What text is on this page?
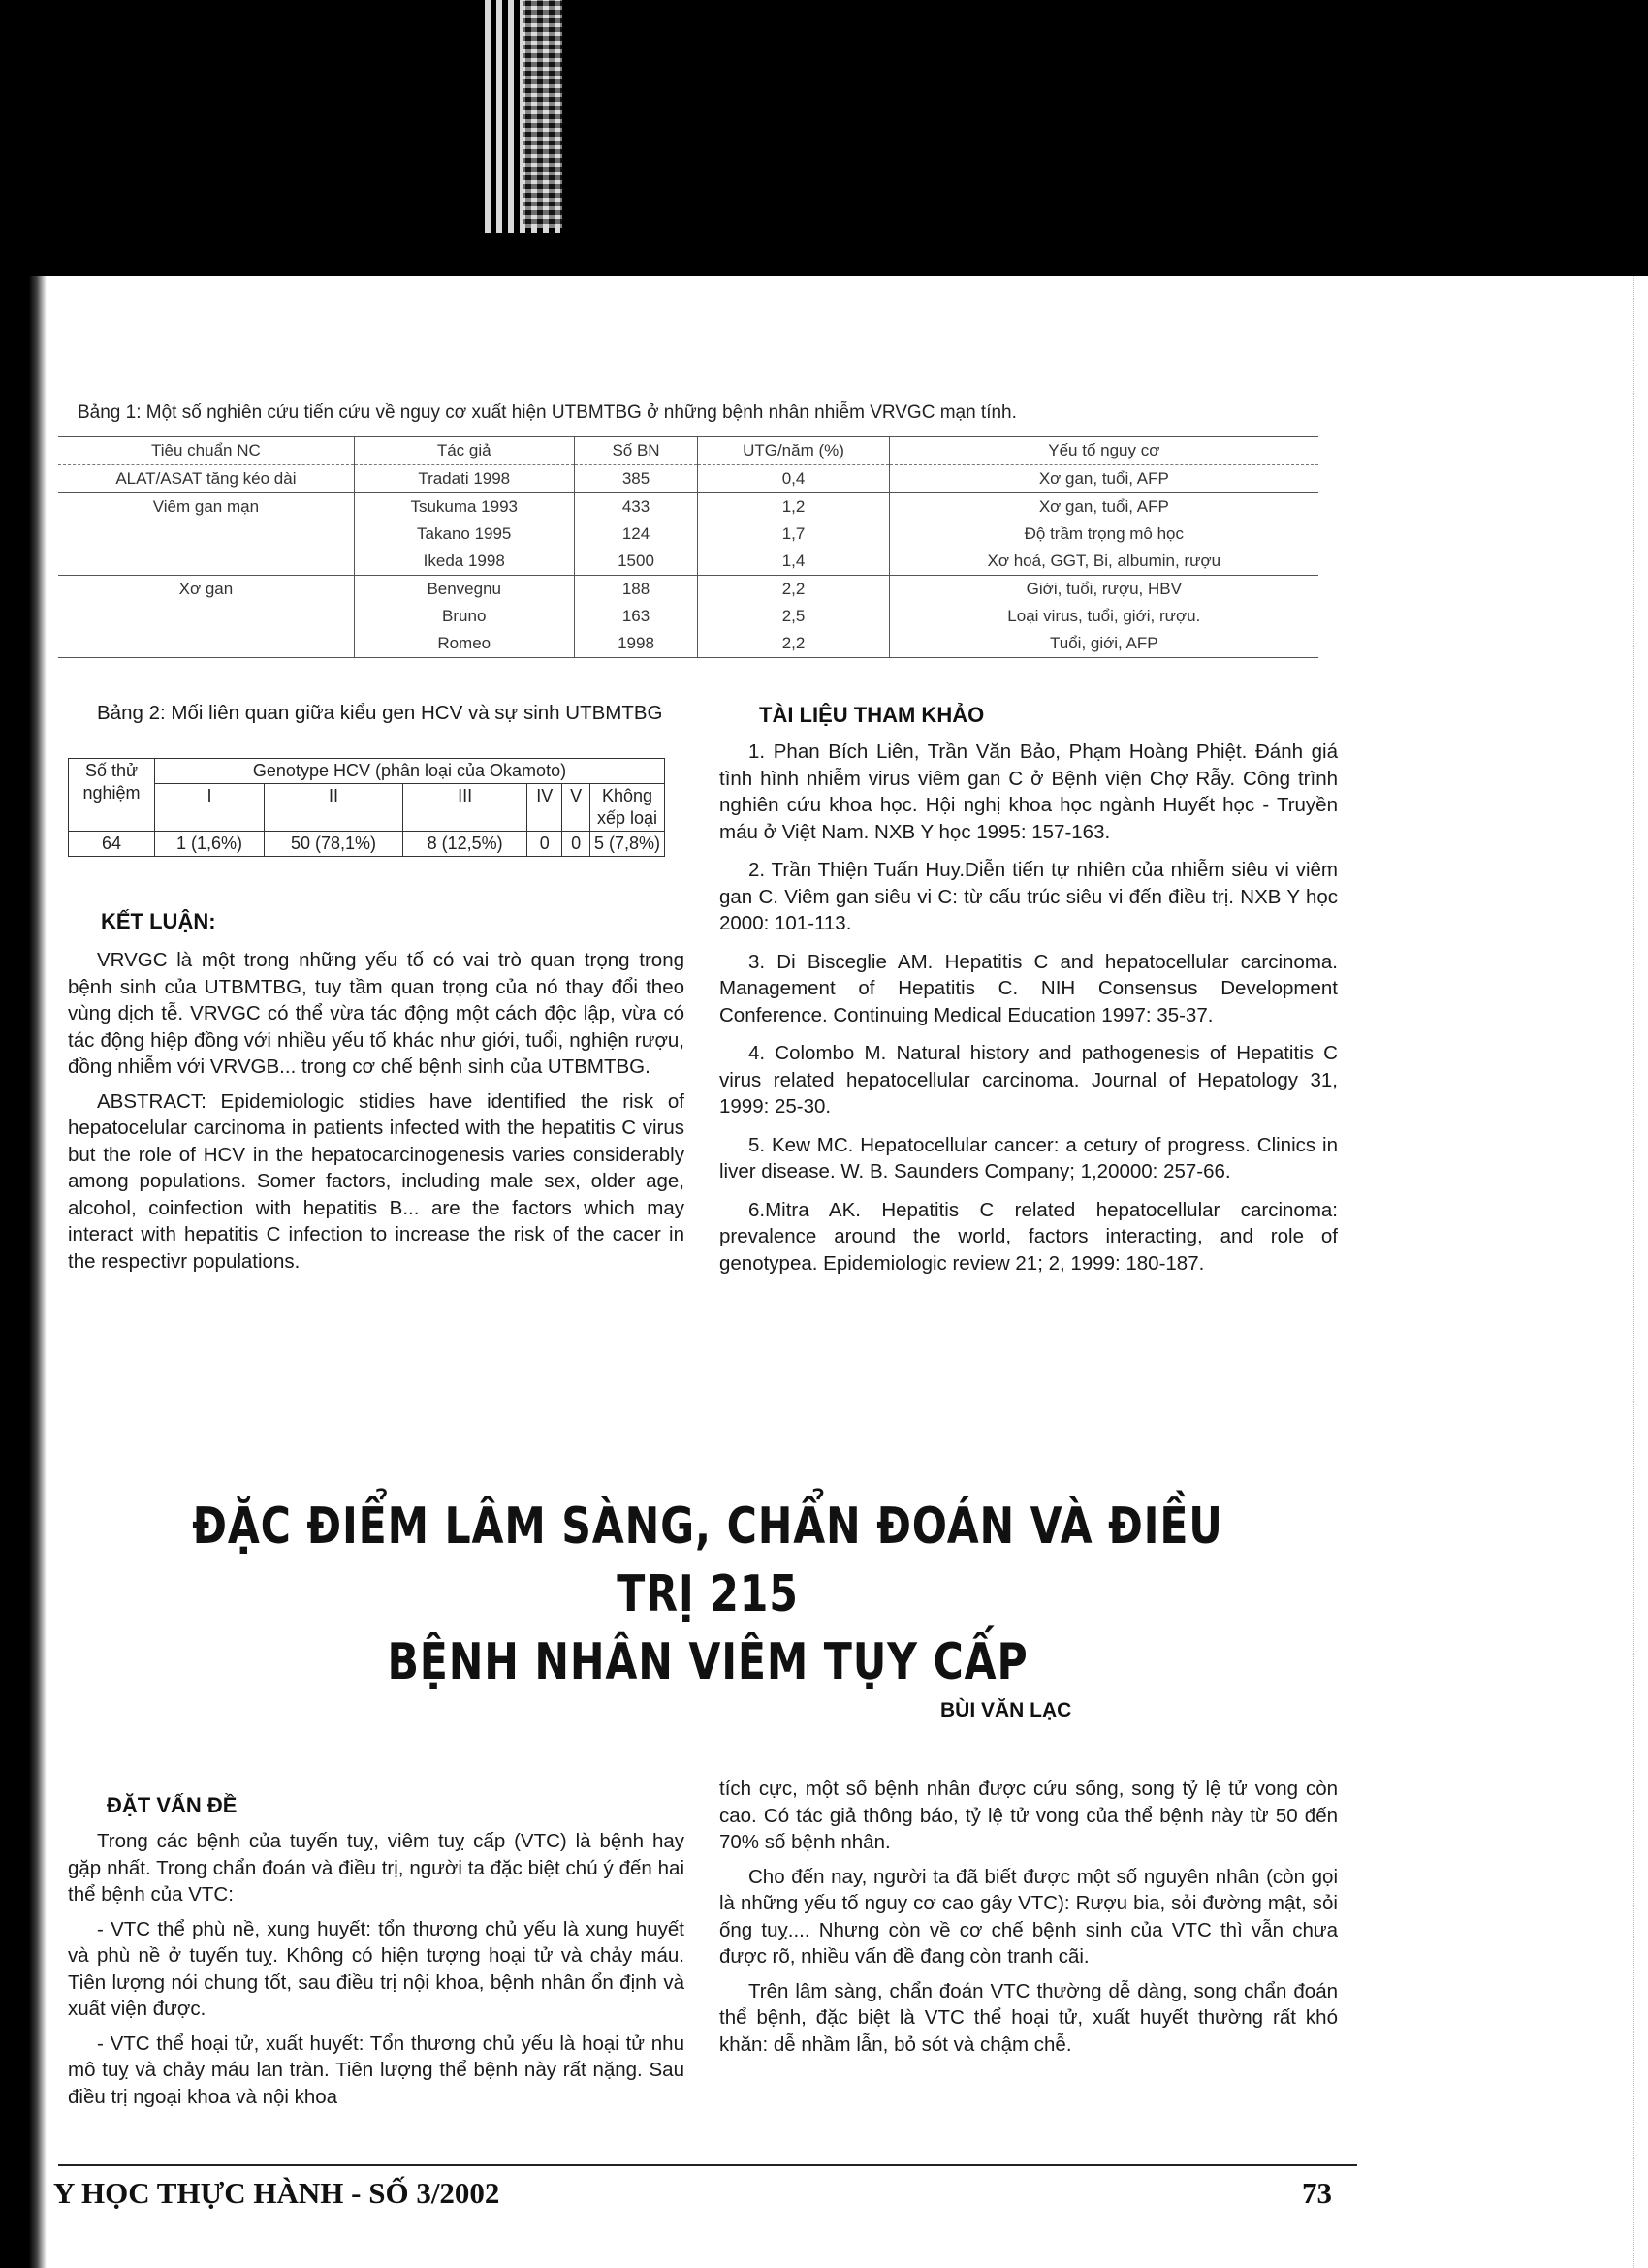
Bảng 1: Một số nghiên cứu tiến cứu về nguy cơ xuất hiện UTBMTBG ở những bệnh nhân nhiễm VRVGC mạn tính.
Tiêu chuẩn NC	Tác giả	Số BN	UTG/năm (%)	Yếu tố nguy cơ
ALAT/ASAT tăng kéo dài	Tradati 1998	385	0,4	Xơ gan, tuổi, AFP
Viêm gan mạn	Tsukuma 1993	433	1,2	Xơ gan, tuổi, AFP
	Takano 1995	124	1,7	Độ trầm trọng mô học
	Ikeda 1998	1500	1,4	Xơ hoá, GGT, Bi, albumin, rượu
Xơ gan	Benvegnu	188	2,2	Giới, tuổi, rượu, HBV
	Bruno	163	2,5	Loại virus, tuổi, giới, rượu.
	Romeo	1998	2,2	Tuổi, giới, AFP
Bảng 2: Mối liên quan giữa kiểu gen HCV và sự sinh UTBMTBG
Số thử nghiệm	Genotype HCV (phân loại của Okamoto)					
	I	II	III	IV	V	Không xếp loại
64	1 (1,6%)	50 (78,1%)	8 (12,5%)	0	0	5 (7,8%)
KẾT LUẬN:

VRVGC là một trong những yếu tố có vai trò quan trọng trong bệnh sinh của UTBMTBG, tuy tầm quan trọng của nó thay đổi theo vùng dịch tễ. VRVGC có thể vừa tác động một cách độc lập, vừa có tác động hiệp đồng với nhiều yếu tố khác như giới, tuổi, nghiện rượu, đồng nhiễm với VRVGB... trong cơ chế bệnh sinh của UTBMTBG.

ABSTRACT: Epidemiologic stidies have identified the risk of hepatocelular carcinoma in patients infected with the hepatitis C virus but the role of HCV in the hepatocarcinogenesis varies considerably among populations. Somer factors, including male sex, older age, alcohol, coinfection with hepatitis B... are the factors which may interact with hepatitis C infection to increase the risk of the cacer in the respectivr populations.

TÀI LIỆU THAM KHẢO

1. Phan Bích Liên, Trần Văn Bảo, Phạm Hoàng Phiệt. Đánh giá tình hình nhiễm virus viêm gan C ở Bệnh viện Chợ Rẫy. Công trình nghiên cứu khoa học. Hội nghị khoa học ngành Huyết học - Truyền máu ở Việt Nam. NXB Y học 1995: 157-163.

2. Trần Thiện Tuấn Huy.Diễn tiến tự nhiên của nhiễm siêu vi viêm gan C. Viêm gan siêu vi C: từ cấu trúc siêu vi đến điều trị. NXB Y học 2000: 101-113.

3. Di Bisceglie AM. Hepatitis C and hepatocellular carcinoma. Management of Hepatitis C. NIH Consensus Development Conference. Continuing Medical Education 1997: 35-37.

4. Colombo M. Natural history and pathogenesis of Hepatitis C virus related hepatocellular carcinoma. Journal of Hepatology 31, 1999: 25-30.

5. Kew MC. Hepatocellular cancer: a cetury of progress. Clinics in liver disease. W. B. Saunders Company; 1,20000: 257-66.

6.Mitra AK. Hepatitis C related hepatocellular carcinoma: prevalence around the world, factors interacting, and role of genotypea. Epidemiologic review 21; 2, 1999: 180-187.

ĐẶC ĐIỂM LÂM SÀNG, CHẨN ĐOÁN VÀ ĐIỀU TRỊ 215
BỆNH NHÂN VIÊM TỤY CẤP
BÙI VĂN LẠC
ĐẶT VẤN ĐỀ

Trong các bệnh của tuyến tuỵ, viêm tuỵ cấp (VTC) là bệnh hay gặp nhất. Trong chẩn đoán và điều trị, người ta đặc biệt chú ý đến hai thể bệnh của VTC:

- VTC thể phù nề, xung huyết: tổn thương chủ yếu là xung huyết và phù nề ở tuyến tuỵ. Không có hiện tượng hoại tử và chảy máu. Tiên lượng nói chung tốt, sau điều trị nội khoa, bệnh nhân ổn định và xuất viện được.

- VTC thể hoại tử, xuất huyết: Tổn thương chủ yếu là hoại tử nhu mô tuỵ và chảy máu lan tràn. Tiên lượng thể bệnh này rất nặng. Sau điều trị ngoại khoa và nội khoa

tích cực, một số bệnh nhân được cứu sống, song tỷ lệ tử vong còn cao. Có tác giả thông báo, tỷ lệ tử vong của thể bệnh này từ 50 đến 70% số bệnh nhân.

Cho đến nay, người ta đã biết được một số nguyên nhân (còn gọi là những yếu tố nguy cơ cao gây VTC): Rượu bia, sỏi đường mật, sỏi ống tuỵ.... Nhưng còn về cơ chế bệnh sinh của VTC thì vẫn chưa được rõ, nhiều vấn đề đang còn tranh cãi.

Trên lâm sàng, chẩn đoán VTC thường dễ dàng, song chẩn đoán thể bệnh, đặc biệt là VTC thể hoại tử, xuất huyết thường rất khó khăn: dễ nhầm lẫn, bỏ sót và chậm chễ.

Y HỌC THỰC HÀNH - SỐ 3/2002	73
